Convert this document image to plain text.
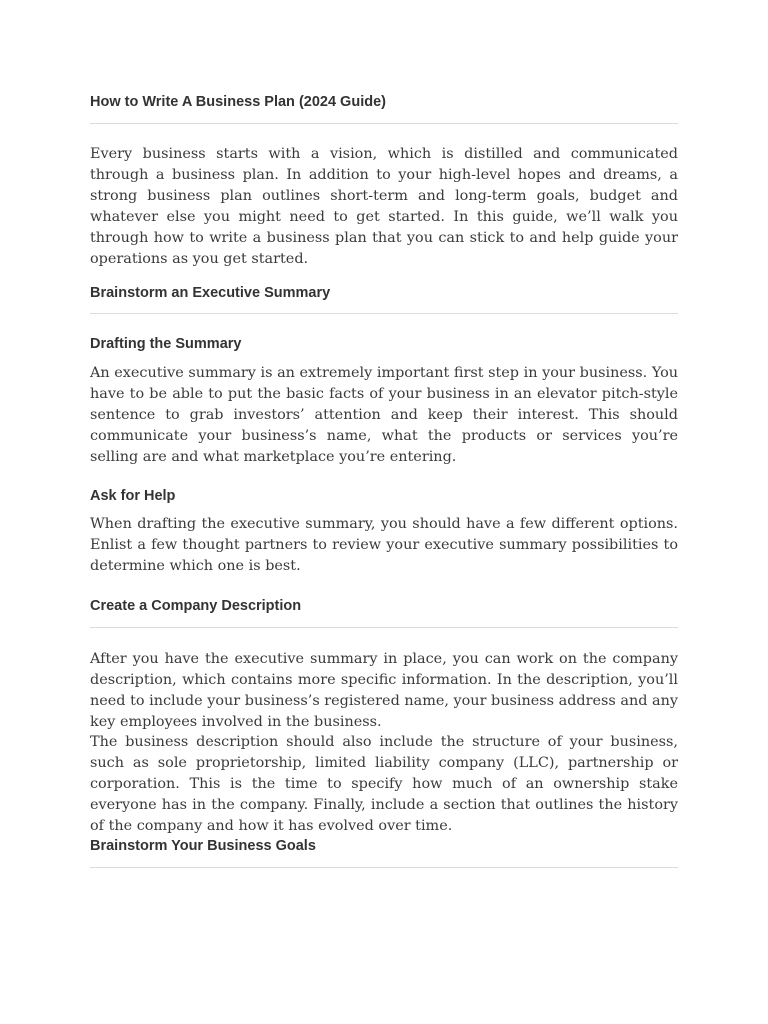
How to Write A Business Plan (2024 Guide)

Every business starts with a vision, which is distilled and communicated through a business plan. In addition to your high-level hopes and dreams, a strong business plan outlines short-term and long-term goals, budget and whatever else you might need to get started. In this guide, we’ll walk you through how to write a business plan that you can stick to and help guide your operations as you get started.

Brainstorm an Executive Summary
Drafting the Summary

An executive summary is an extremely important first step in your business. You have to be able to put the basic facts of your business in an elevator pitch-style sentence to grab investors’ attention and keep their interest. This should communicate your business’s name, what the products or services you’re selling are and what marketplace you’re entering.

Ask for Help

When drafting the executive summary, you should have a few different options. Enlist a few thought partners to review your executive summary possibilities to determine which one is best.

Create a Company Description

After you have the executive summary in place, you can work on the company description, which contains more specific information. In the description, you’ll need to include your business’s registered name, your business address and any key employees involved in the business.

The business description should also include the structure of your business, such as sole proprietorship, limited liability company (LLC), partnership or corporation. This is the time to specify how much of an ownership stake everyone has in the company. Finally, include a section that outlines the history of the company and how it has evolved over time.

Brainstorm Your Business Goals
